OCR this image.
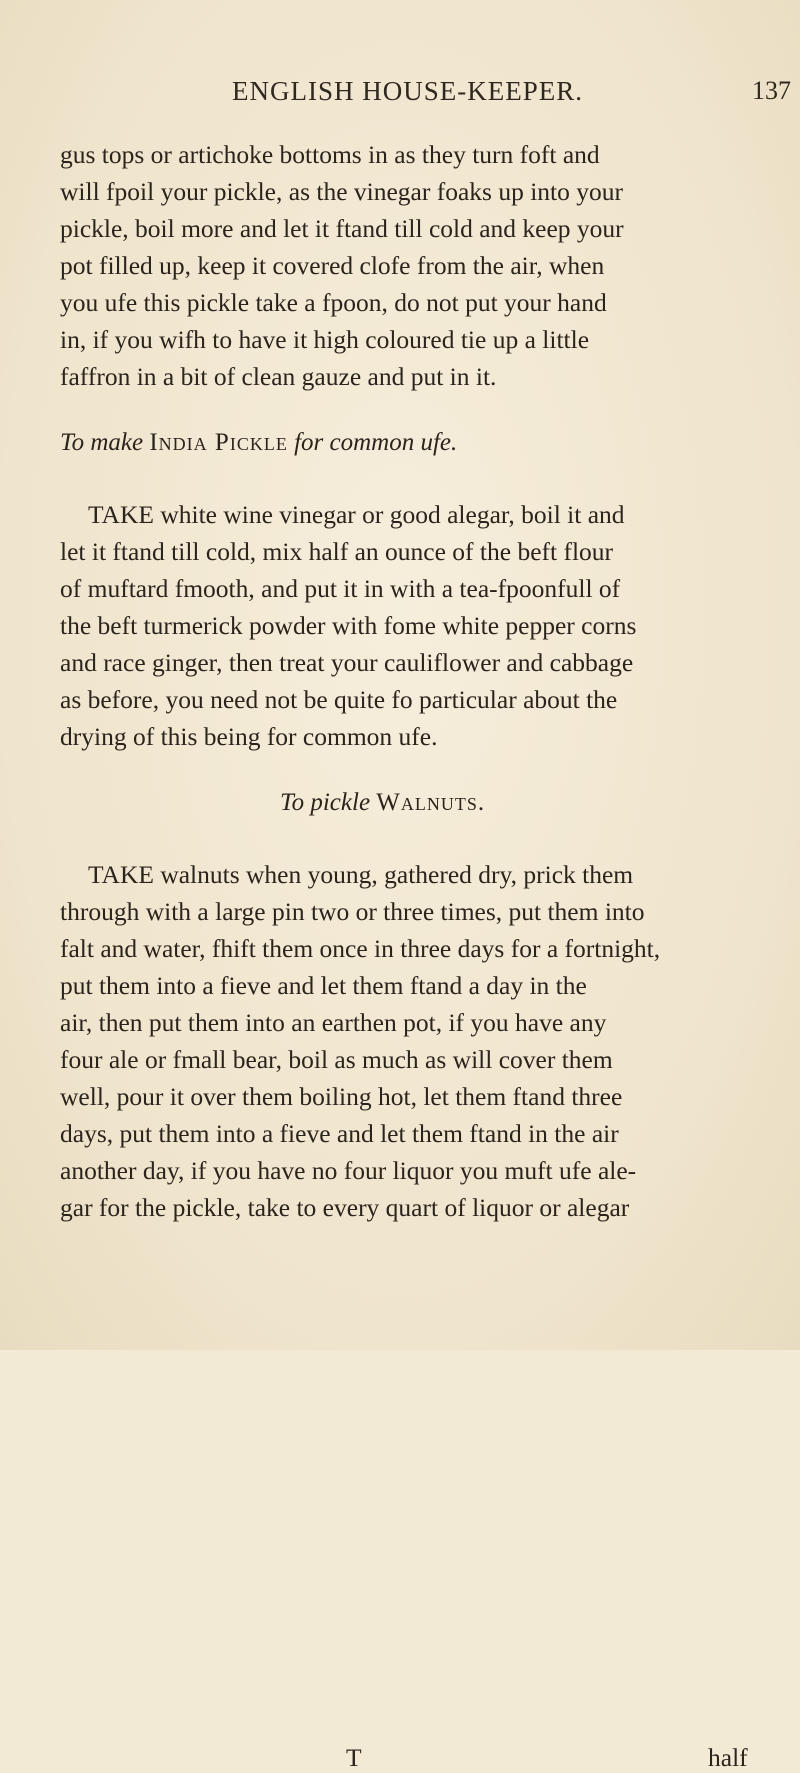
ENGLISH HOUSE-KEEPER.	137
gus tops or artichoke bottoms in as they turn foft and
will fpoil your pickle, as the vinegar foaks up into your
pickle, boil more and let it ftand till cold and keep your
pot filled up, keep it covered clofe from the air, when
you ufe this pickle take a fpoon, do not put your hand
in, if you wifh to have it high coloured tie up a little
faffron in a bit of clean gauze and put in it.
To make India Pickle for common ufe.
TAKE white wine vinegar or good alegar, boil it and
let it ftand till cold, mix half an ounce of the beft flour
of muftard fmooth, and put it in with a tea-fpoonfull of
the beft turmerick powder with fome white pepper corns
and race ginger, then treat your cauliflower and cabbage
as before, you need not be quite fo particular about the
drying of this being for common ufe.
To pickle Walnuts.
TAKE walnuts when young, gathered dry, prick them
through with a large pin two or three times, put them into
falt and water, fhift them once in three days for a fortnight,
put them into a fieve and let them ftand a day in the
air, then put them into an earthen pot, if you have any
four ale or fmall bear, boil as much as will cover them
well, pour it over them boiling hot, let them ftand three
days, put them into a fieve and let them ftand in the air
another day, if you have no four liquor you muft ufe ale-
gar for the pickle, take to every quart of liquor or alegar
T	half
